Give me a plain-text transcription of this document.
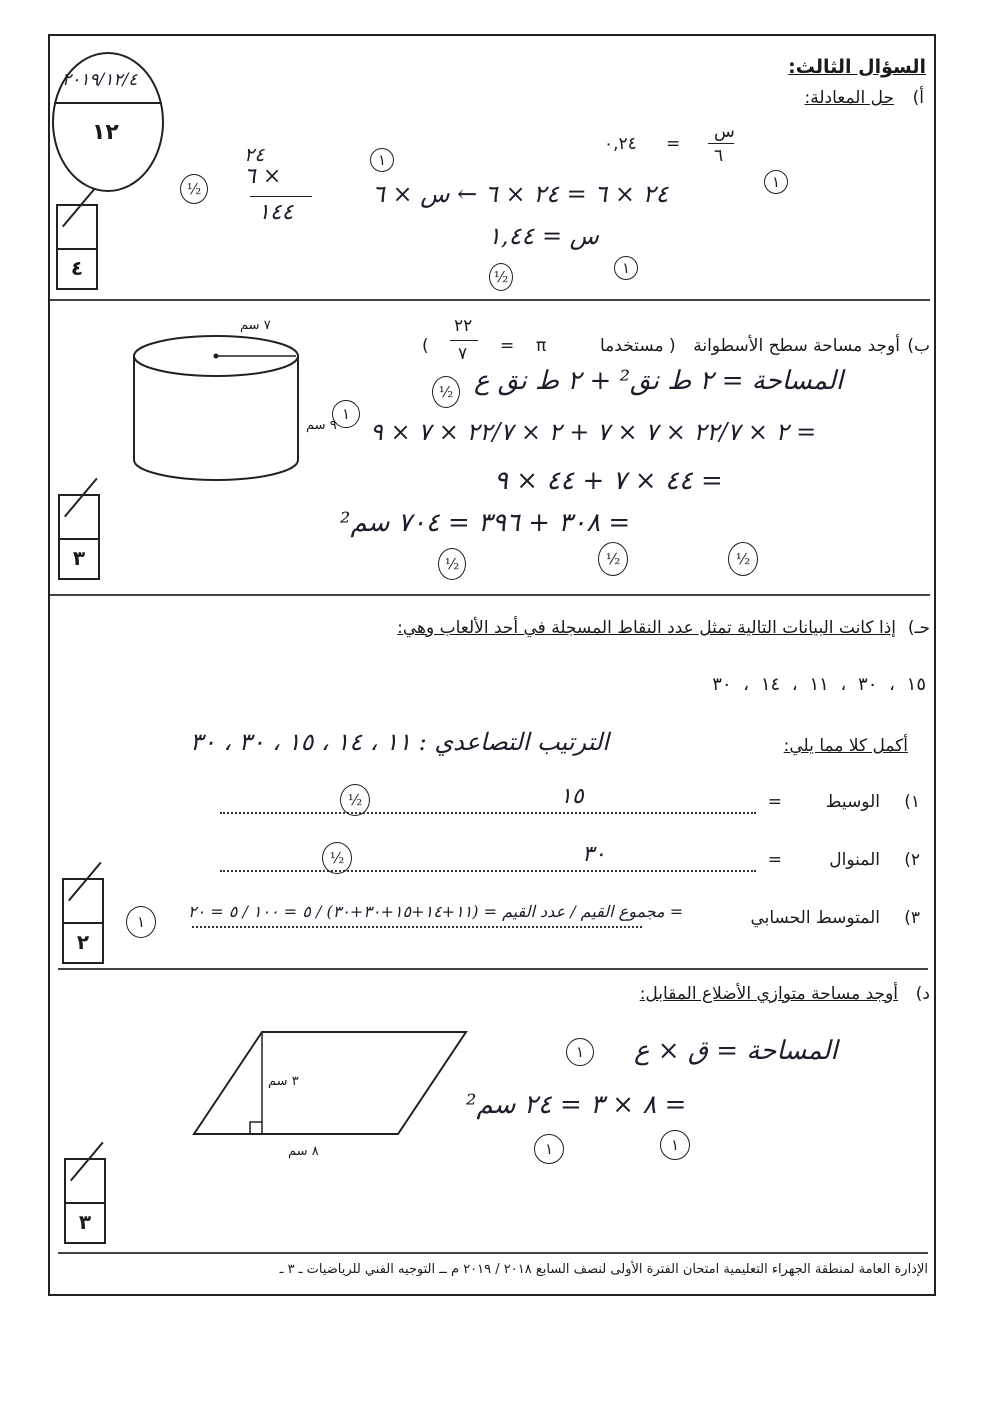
٢٠١٩/١٢/٤
١٢
السؤال الثالث:
أ)
حل المعادلة:
س
٦
=
٠,٢٤
٢٤ × ٦ = ٢٤ × ٦ ← س × ٦
٢٤
× ٦
١٤٤
س = ١,٤٤
½
½
١
١
١
٤
ب)
أوجد مساحة سطح الأسطوانة
( مستخدما
π
=
٢٢
٧
)
٧ سم
٩ سم
المساحة = ٢ ط نق² + ٢ ط نق ع
= ٢ × ٢٢/٧ × ٧ × ٧ + ٢ × ٢٢/٧ × ٧ × ٩
= ٤٤ × ٧ + ٤٤ × ٩
= ٣٠٨ + ٣٩٦ = ٧٠٤ سم²
½
١
½	½	½
٣
حـ)
إذا كانت البيانات التالية تمثل عدد النقاط المسجلة في أحد الألعاب وهي:
١٥ ، ٣٠ ، ١١ ، ١٤ ، ٣٠
أكمل كلا مما يلي:
الترتيب التصاعدي : ١١ ، ١٤ ، ١٥ ، ٣٠ ، ٣٠
١)
الوسيط
=
١٥
½
٢)
المنوال
=
٣٠
½
٣)
المتوسط الحسابي
= مجموع القيم / عدد القيم = (١١+١٤+١٥+٣٠+٣٠) / ٥ = ١٠٠ / ٥ = ٢٠
١
٢
د)
أوجد مساحة متوازي الأضلاع المقابل:
٣ سم
٨ سم
المساحة = ق × ع
= ٨ × ٣ = ٢٤ سم²
١
١	١
٣
الإدارة العامة لمنطقة الجهراء التعليمية امتحان الفترة الأولى لنصف السابع ٢٠١٨ / ٢٠١٩ م ــ التوجيه الفني للرياضيات ـ ٣ ـ
